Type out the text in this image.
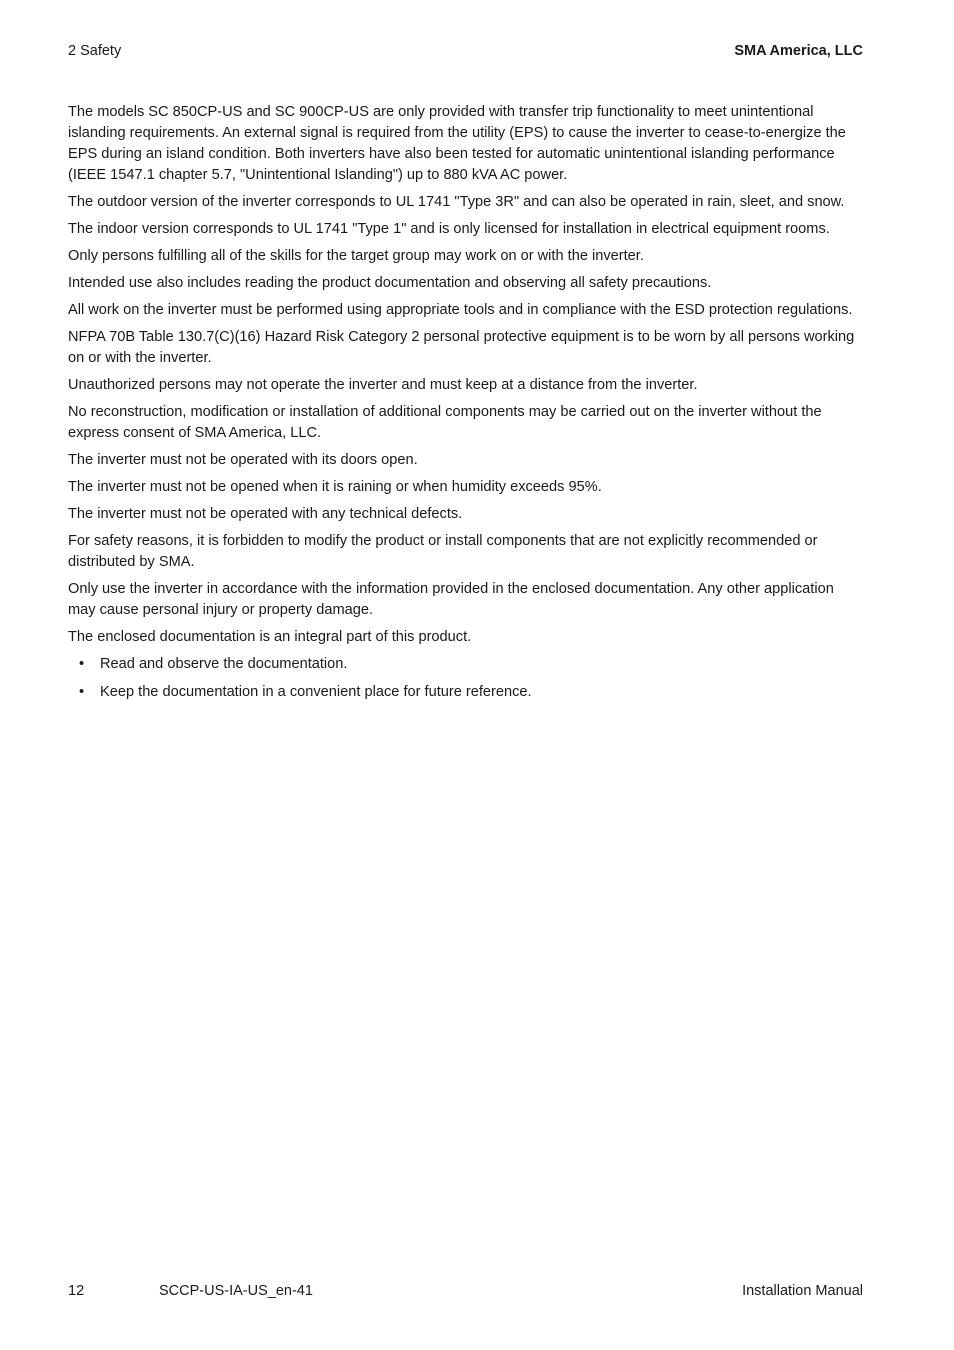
2 Safety	SMA America, LLC

The models SC 850CP-US and SC 900CP-US are only provided with transfer trip functionality to meet unintentional islanding requirements. An external signal is required from the utility (EPS) to cause the inverter to cease-to-energize the EPS during an island condition. Both inverters have also been tested for automatic unintentional islanding performance (IEEE 1547.1 chapter 5.7, "Unintentional Islanding") up to 880 kVA AC power.

The outdoor version of the inverter corresponds to UL 1741 "Type 3R" and can also be operated in rain, sleet, and snow.

The indoor version corresponds to UL 1741 "Type 1" and is only licensed for installation in electrical equipment rooms.

Only persons fulfilling all of the skills for the target group may work on or with the inverter.

Intended use also includes reading the product documentation and observing all safety precautions.

All work on the inverter must be performed using appropriate tools and in compliance with the ESD protection regulations.

NFPA 70B Table 130.7(C)(16) Hazard Risk Category 2 personal protective equipment is to be worn by all persons working on or with the inverter.

Unauthorized persons may not operate the inverter and must keep at a distance from the inverter.

No reconstruction, modification or installation of additional components may be carried out on the inverter without the express consent of SMA America, LLC.

The inverter must not be operated with its doors open.

The inverter must not be opened when it is raining or when humidity exceeds 95%.

The inverter must not be operated with any technical defects.

For safety reasons, it is forbidden to modify the product or install components that are not explicitly recommended or distributed by SMA.

Only use the inverter in accordance with the information provided in the enclosed documentation. Any other application may cause personal injury or property damage.

The enclosed documentation is an integral part of this product.

• Read and observe the documentation.
• Keep the documentation in a convenient place for future reference.
12	SCCP-US-IA-US_en-41	Installation Manual
